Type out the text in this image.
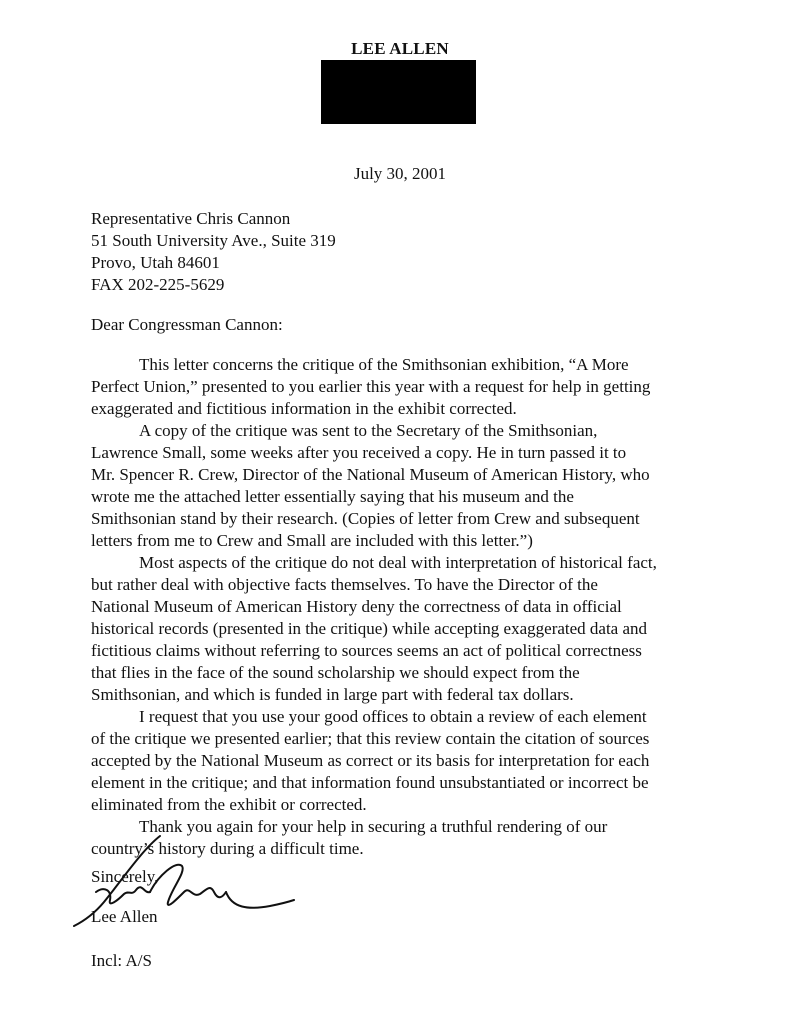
LEE ALLEN
July 30, 2001
Representative Chris Cannon
51 South University Ave., Suite 319
Provo, Utah 84601
FAX 202-225-5629
Dear Congressman Cannon:

This letter concerns the critique of the Smithsonian exhibition, “A More
Perfect Union,” presented to you earlier this year with a request for help in getting
exaggerated and fictitious information in the exhibit corrected.

A copy of the critique was sent to the Secretary of the Smithsonian,
Lawrence Small, some weeks after you received a copy. He in turn passed it to
Mr. Spencer R. Crew, Director of the National Museum of American History, who
wrote me the attached letter essentially saying that his museum and the
Smithsonian stand by their research. (Copies of letter from Crew and subsequent
letters from me to Crew and Small are included with this letter.”)

Most aspects of the critique do not deal with interpretation of historical fact,
but rather deal with objective facts themselves. To have the Director of the
National Museum of American History deny the correctness of data in official
historical records (presented in the critique) while accepting exaggerated data and
fictitious claims without referring to sources seems an act of political correctness
that flies in the face of the sound scholarship we should expect from the
Smithsonian, and which is funded in large part with federal tax dollars.

I request that you use your good offices to obtain a review of each element
of the critique we presented earlier; that this review contain the citation of sources
accepted by the National Museum as correct or its basis for interpretation for each
element in the critique; and that information found unsubstantiated or incorrect be
eliminated from the exhibit or corrected.

Thank you again for your help in securing a truthful rendering of our
country’s history during a difficult time.

Sincerely,
Lee Allen
Incl: A/S
